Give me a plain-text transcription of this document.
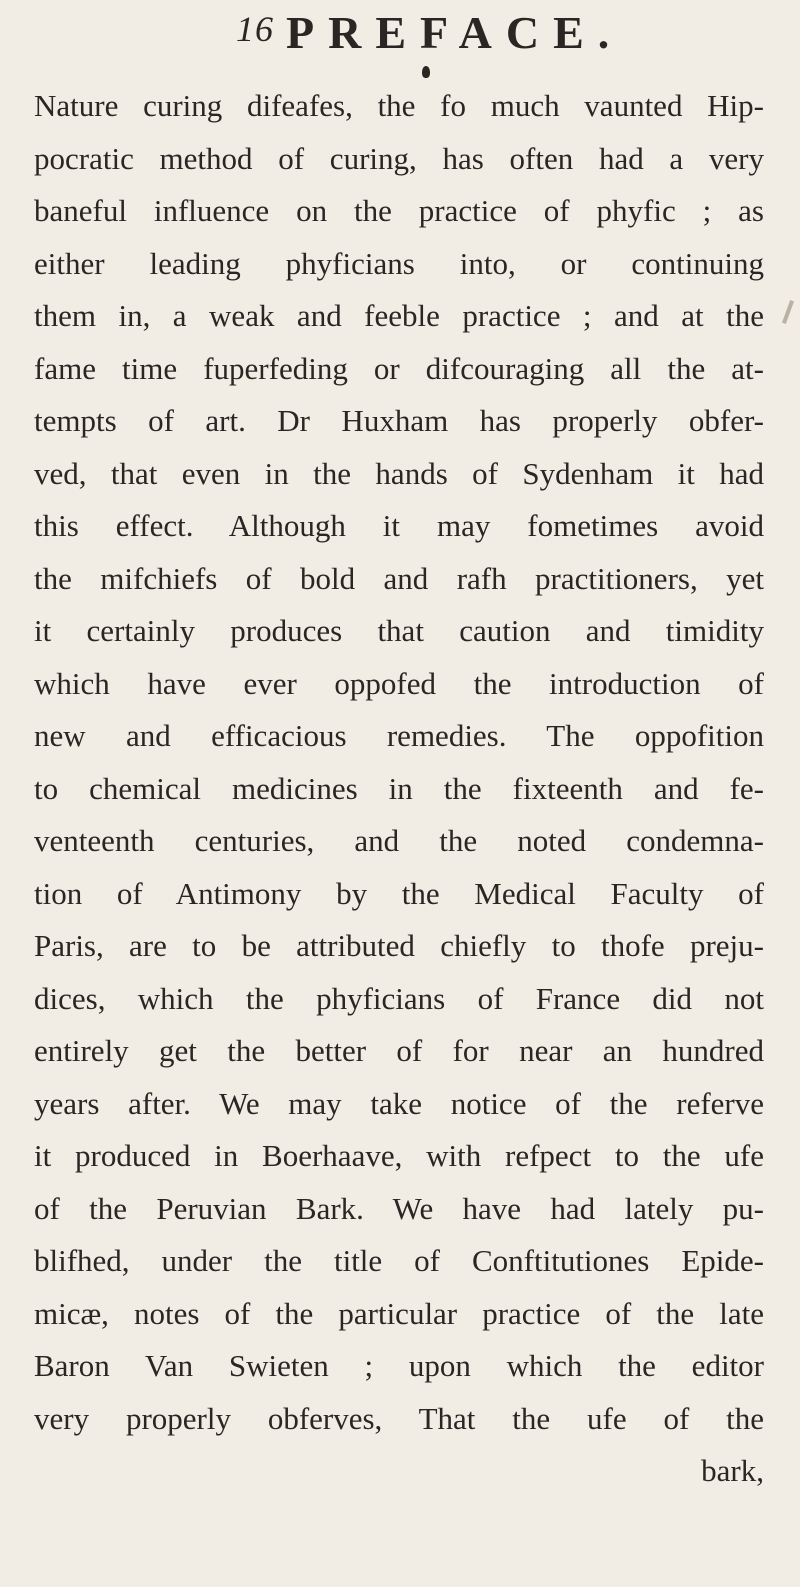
16 PREFACE.
Nature curing difeafes, the fo much vaunted Hip-
pocratic method of curing, has often had a very
baneful influence on the practice of phyfic ; as
either leading phyficians into, or continuing
them in, a weak and feeble practice ; and at the
fame time fuperfeding or difcouraging all the at-
tempts of art. Dr Huxham has properly obfer-
ved, that even in the hands of Sydenham it had
this effect. Although it may fometimes avoid
the mifchiefs of bold and rafh practitioners, yet
it certainly produces that caution and timidity
which have ever oppofed the introduction of
new and efficacious remedies. The oppofition
to chemical medicines in the fixteenth and fe-
venteenth centuries, and the noted condemna-
tion of Antimony by the Medical Faculty of
Paris, are to be attributed chiefly to thofe preju-
dices, which the phyficians of France did not
entirely get the better of for near an hundred
years after. We may take notice of the referve
it produced in Boerhaave, with refpect to the ufe
of the Peruvian Bark. We have had lately pu-
blifhed, under the title of Conftitutiones Epide-
micæ, notes of the particular practice of the late
Baron Van Swieten ; upon which the editor
very properly obferves, That the ufe of the
bark,
